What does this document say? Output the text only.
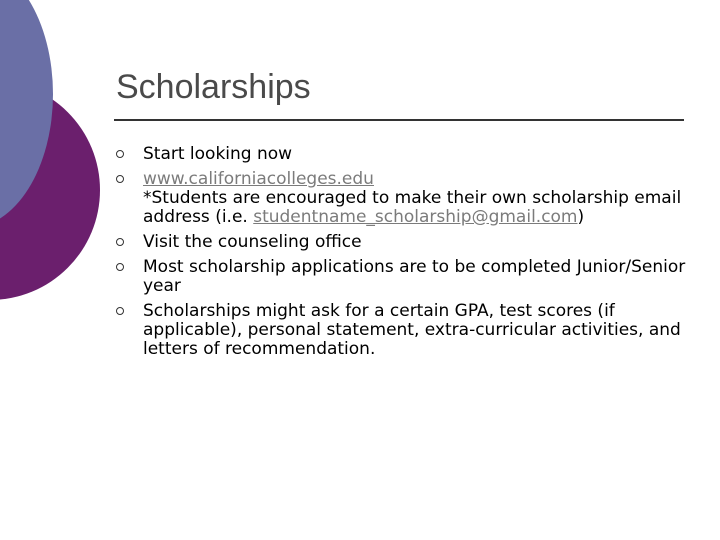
Scholarships
Start looking now
www.californiacolleges.edu
*Students are encouraged to make their own scholarship email address (i.e. studentname_scholarship@gmail.com)
Visit the counseling office
Most scholarship applications are to be completed Junior/Senior year
Scholarships might ask for a certain GPA, test scores (if applicable), personal statement, extra-curricular activities, and letters of recommendation.
